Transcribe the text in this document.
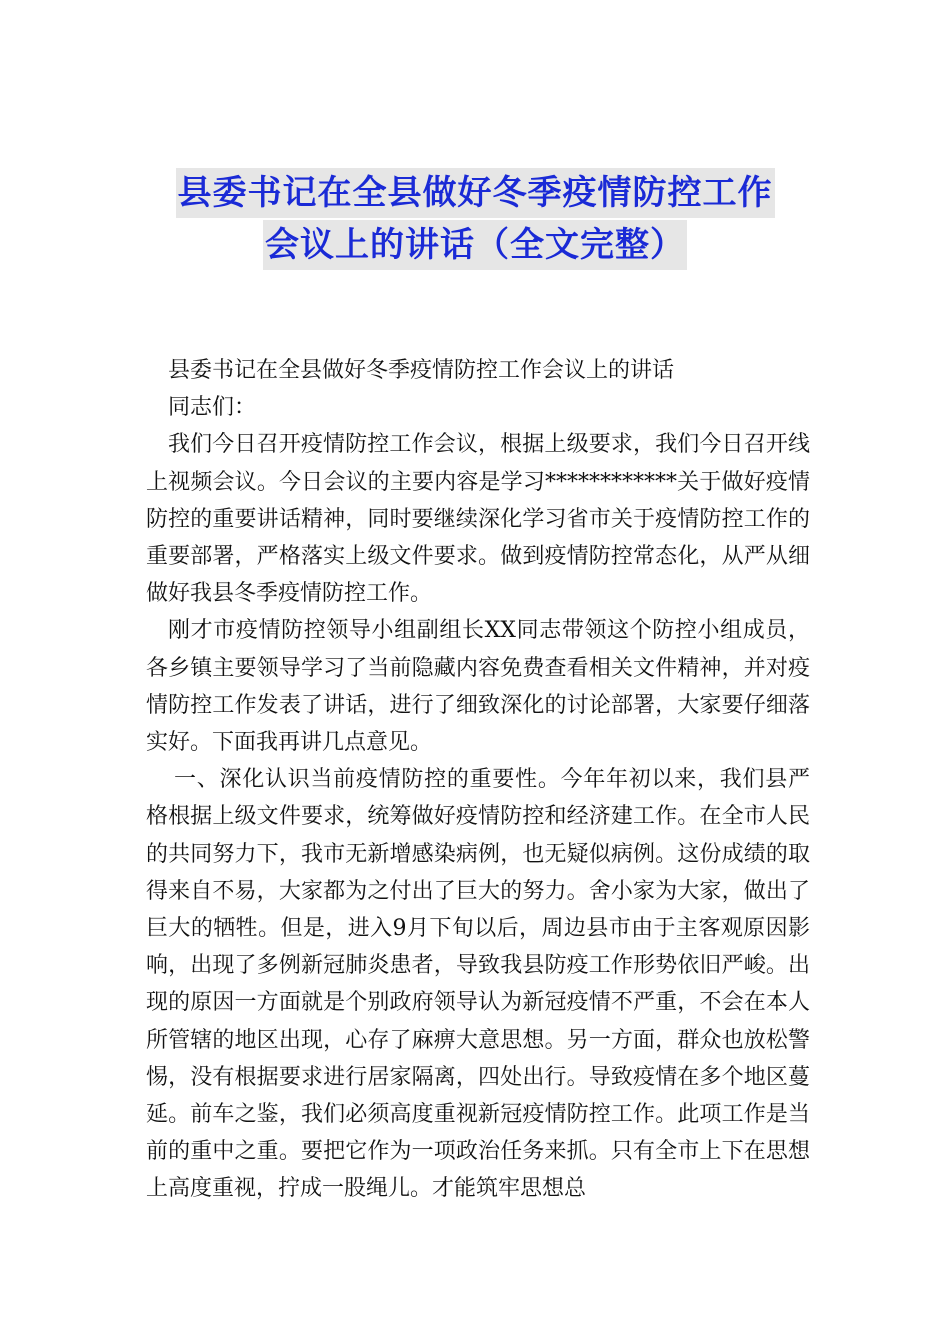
县委书记在全县做好冬季疫情防控工作
会议上的讲话（全文完整）

县委书记在全县做好冬季疫情防控工作会议上的讲话

同志们：

我们今日召开疫情防控工作会议，根据上级要求，我们今日召开线上视频会议。今日会议的主要内容是学习************关于做好疫情防控的重要讲话精神，同时要继续深化学习省市关于疫情防控工作的重要部署，严格落实上级文件要求。做到疫情防控常态化，从严从细做好我县冬季疫情防控工作。

刚才市疫情防控领导小组副组长XX同志带领这个防控小组成员，各乡镇主要领导学习了当前隐藏内容免费查看相关文件精神，并对疫情防控工作发表了讲话，进行了细致深化的讨论部署，大家要仔细落实好。下面我再讲几点意见。

一、深化认识当前疫情防控的重要性。今年年初以来，我们县严格根据上级文件要求，统筹做好疫情防控和经济建工作。在全市人民的共同努力下，我市无新增感染病例，也无疑似病例。这份成绩的取得来自不易，大家都为之付出了巨大的努力。舍小家为大家，做出了巨大的牺牲。但是，进入9月下旬以后，周边县市由于主客观原因影响，出现了多例新冠肺炎患者，导致我县防疫工作形势依旧严峻。出现的原因一方面就是个别政府领导认为新冠疫情不严重，不会在本人所管辖的地区出现，心存了麻痹大意思想。另一方面，群众也放松警惕，没有根据要求进行居家隔离，四处出行。导致疫情在多个地区蔓延。前车之鉴，我们必须高度重视新冠疫情防控工作。此项工作是当前的重中之重。要把它作为一项政治任务来抓。只有全市上下在思想上高度重视，拧成一股绳儿。才能筑牢思想总
